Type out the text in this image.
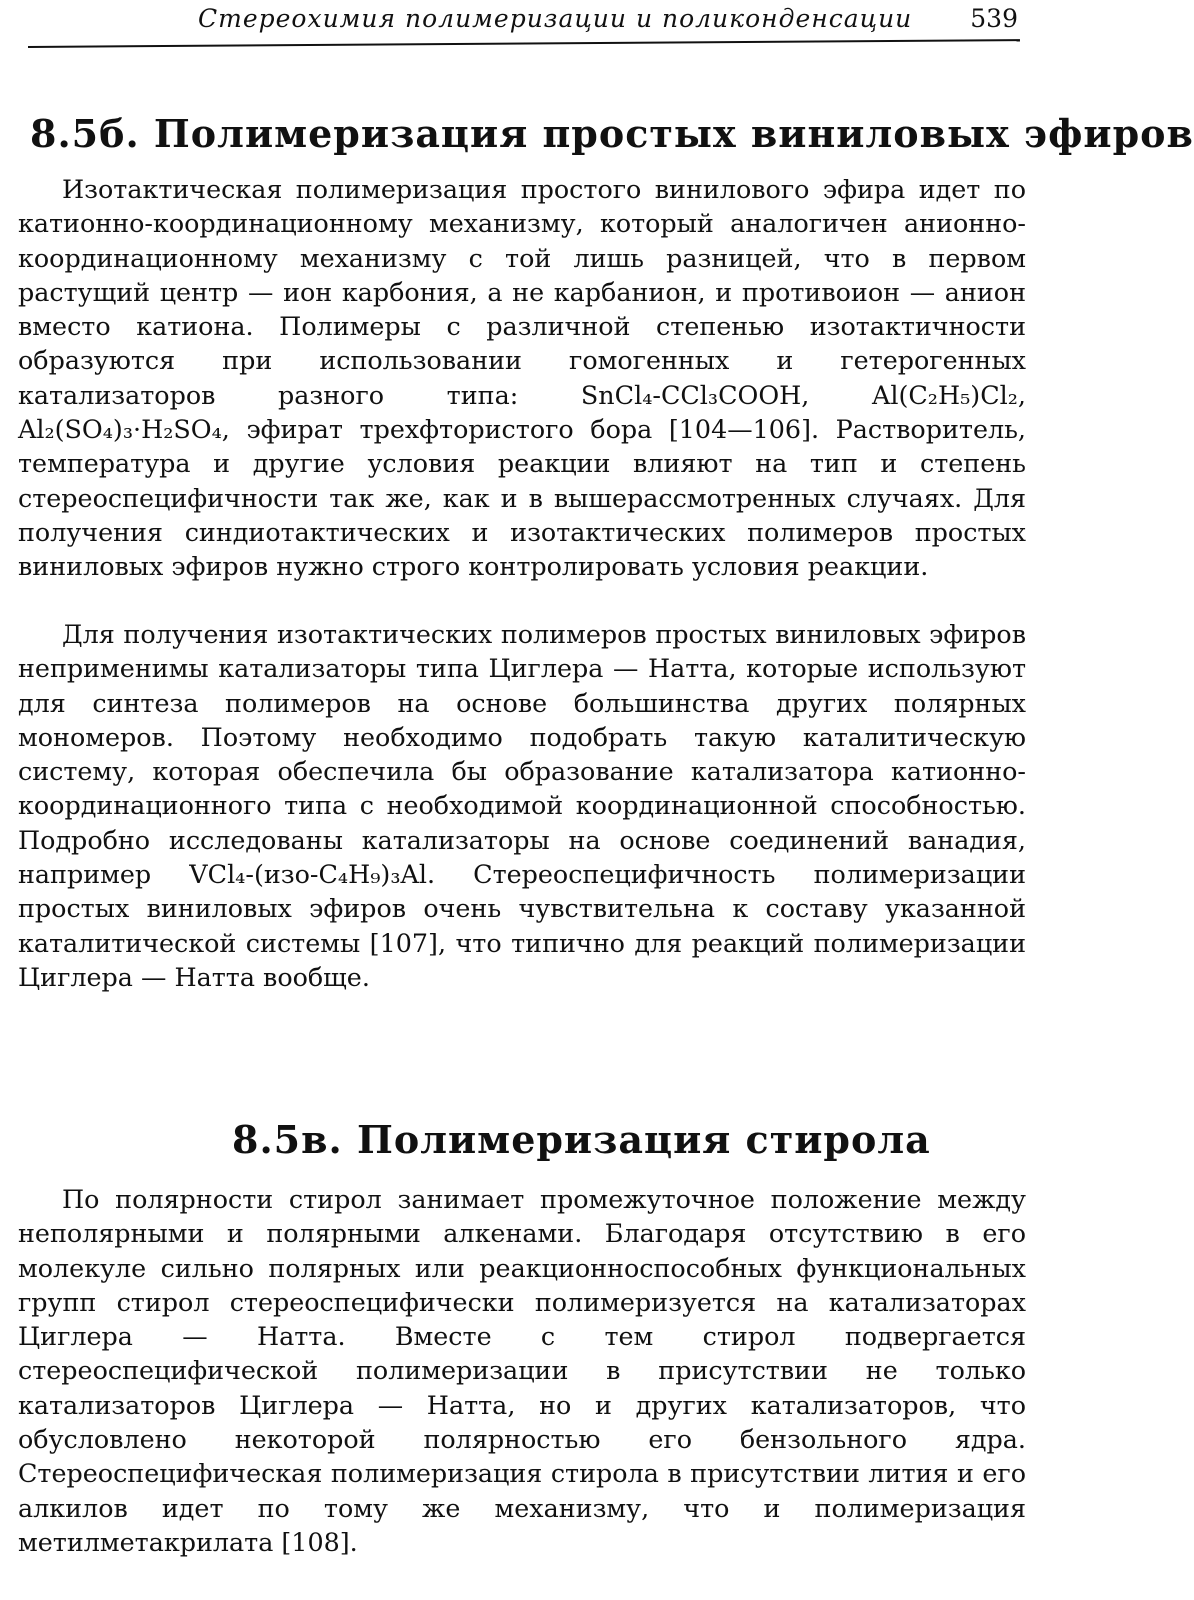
Стереохимия полимеризации и поликонденсации 539
8.5б. Полимеризация простых виниловых эфиров
Изотактическая полимеризация простого винилового эфира идет по катионно-координационному механизму, который аналогичен анионно-координационному механизму с той лишь разницей, что в первом растущий центр — ион карбония, а не карбанион, и противоион — анион вместо катиона. Полимеры с различной степенью изотактичности образуются при использовании гомогенных и гетерогенных катализаторов разного типа: SnCl₄-CCl₃COOH, Al(C₂H₅)Cl₂, Al₂(SO₄)₃·H₂SO₄, эфират трехфтористого бора [104—106]. Растворитель, температура и другие условия реакции влияют на тип и степень стереоспецифичности так же, как и в вышерассмотренных случаях. Для получения синдиотактических и изотактических полимеров простых виниловых эфиров нужно строго контролировать условия реакции.
Для получения изотактических полимеров простых виниловых эфиров неприменимы катализаторы типа Циглера — Натта, которые используют для синтеза полимеров на основе большинства других полярных мономеров. Поэтому необходимо подобрать такую каталитическую систему, которая обеспечила бы образование катализатора катионно-координационного типа с необходимой координационной способностью. Подробно исследованы катализаторы на основе соединений ванадия, например VCl₄-(изо-C₄H₉)₃Al. Стереоспецифичность полимеризации простых виниловых эфиров очень чувствительна к составу указанной каталитической системы [107], что типично для реакций полимеризации Циглера — Натта вообще.
8.5в. Полимеризация стирола
По полярности стирол занимает промежуточное положение между неполярными и полярными алкенами. Благодаря отсутствию в его молекуле сильно полярных или реакционноспособных функциональных групп стирол стереоспецифически полимеризуется на катализаторах Циглера — Натта. Вместе с тем стирол подвергается стереоспецифической полимеризации в присутствии не только катализаторов Циглера — Натта, но и других катализаторов, что обусловлено некоторой полярностью его бензольного ядра. Стереоспецифическая полимеризация стирола в присутствии лития и его алкилов идет по тому же механизму, что и полимеризация метилметакрилата [108].
